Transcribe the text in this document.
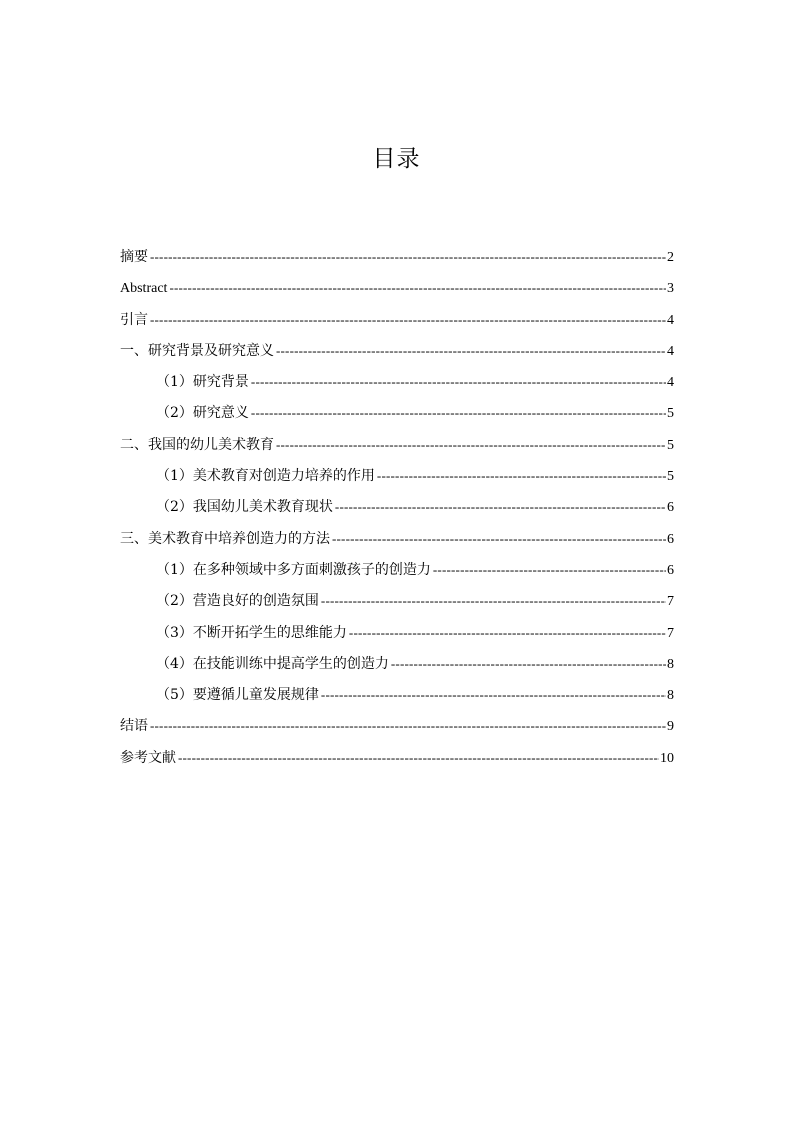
目录
摘要 -----	2
Abstract -----	3
引言 -----	4
一、研究背景及研究意义 -----	4
（1）研究背景 -----	4
（2）研究意义 -----	5
二、我国的幼儿美术教育 -----	5
（1）美术教育对创造力培养的作用 -----	5
（2）我国幼儿美术教育现状 -----	6
三、美术教育中培养创造力的方法 -----	6
（1）在多种领域中多方面刺激孩子的创造力 -----	6
（2）营造良好的创造氛围 -----	7
（3）不断开拓学生的思维能力 -----	7
（4）在技能训练中提高学生的创造力 -----	8
（5）要遵循儿童发展规律 -----	8
结语 -----	9
参考文献 -----	10
